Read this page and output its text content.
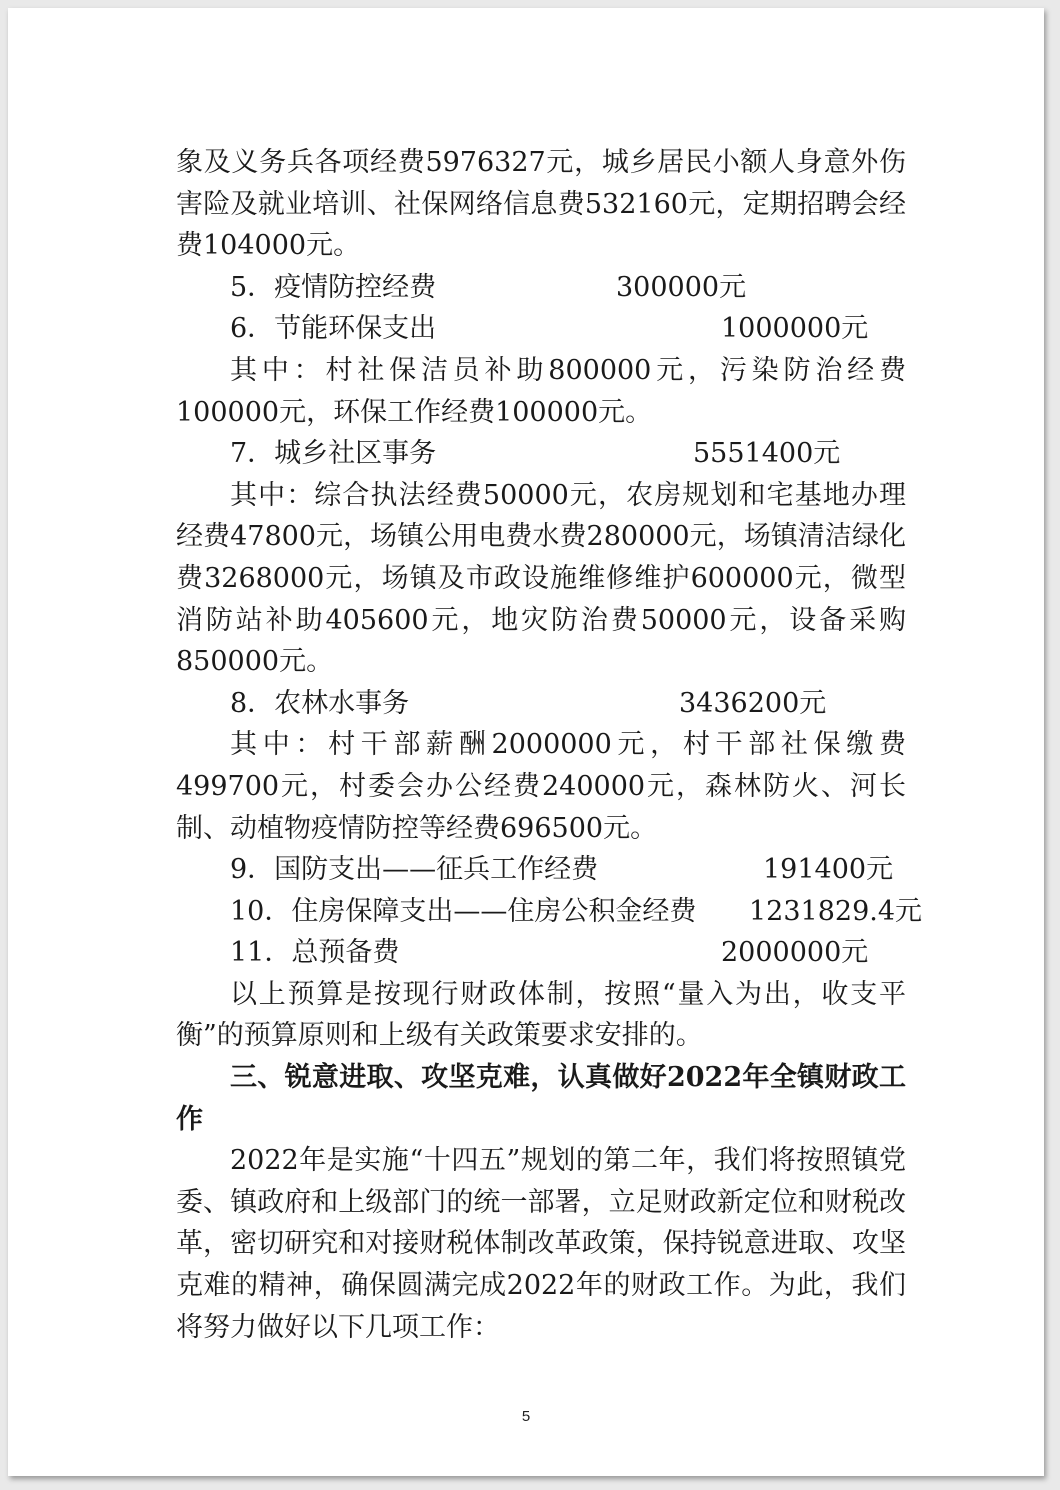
象及义务兵各项经费5976327元，城乡居民小额人身意外伤害险及就业培训、社保网络信息费532160元，定期招聘会经费104000元。

5．疫情防控经费	300000元

6．节能环保支出	1000000元

其中：村社保洁员补助800000元，污染防治经费100000元，环保工作经费100000元。

7．城乡社区事务	5551400元

其中：综合执法经费50000元，农房规划和宅基地办理经费47800元，场镇公用电费水费280000元，场镇清洁绿化费3268000元，场镇及市政设施维修维护600000元，微型消防站补助405600元，地灾防治费50000元，设备采购850000元。

8．农林水事务	3436200元

其中：村干部薪酬2000000元，村干部社保缴费499700元，村委会办公经费240000元，森林防火、河长制、动植物疫情防控等经费696500元。

9．国防支出——征兵工作经费	191400元

10．住房保障支出——住房公积金经费 1231829.4元

11．总预备费	2000000元

以上预算是按现行财政体制，按照“量入为出，收支平衡”的预算原则和上级有关政策要求安排的。

三、锐意进取、攻坚克难，认真做好2022年全镇财政工作

2022年是实施“十四五”规划的第二年，我们将按照镇党委、镇政府和上级部门的统一部署，立足财政新定位和财税改革，密切研究和对接财税体制改革政策，保持锐意进取、攻坚克难的精神，确保圆满完成2022年的财政工作。为此，我们将努力做好以下几项工作：

5
